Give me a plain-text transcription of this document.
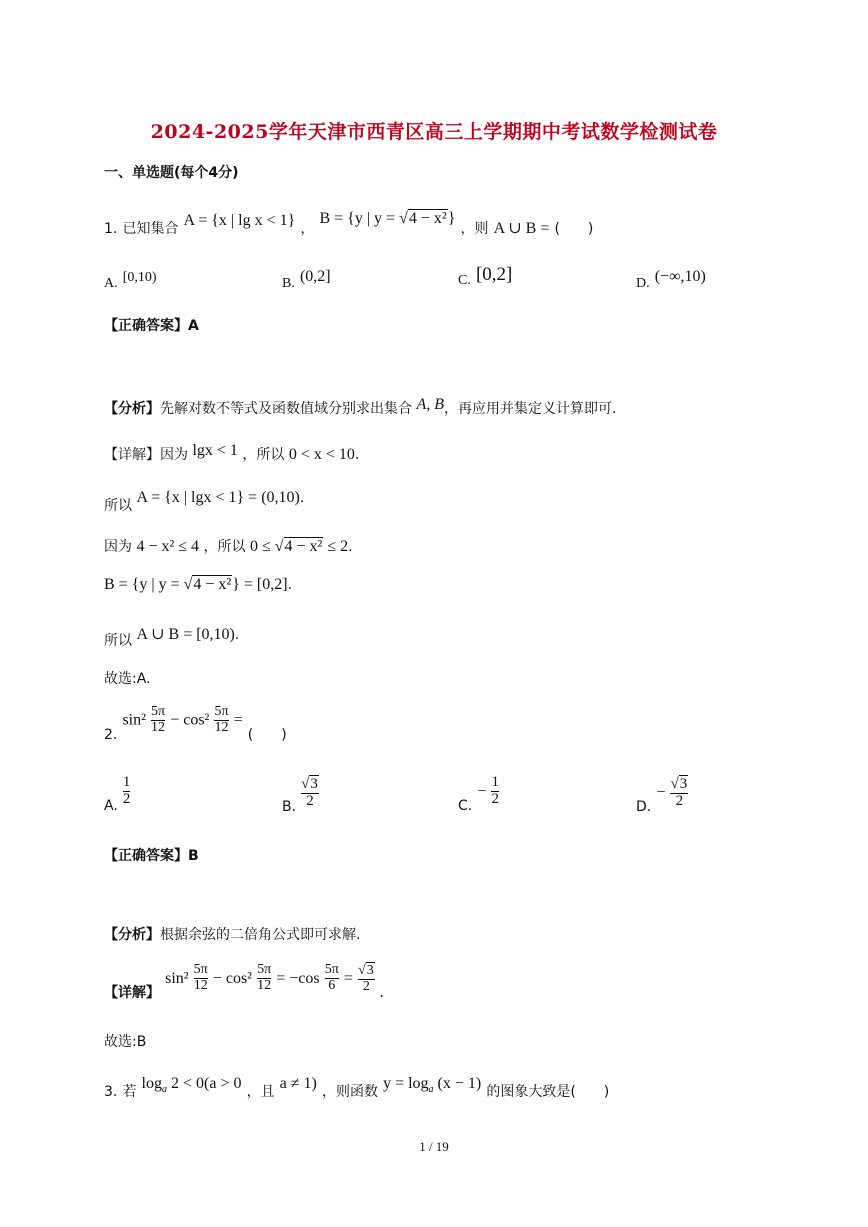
2024-2025学年天津市西青区高三上学期期中考试数学检测试卷
一、单选题(每个4分)
1. 已知集合 A = {x | lg x < 1} ， B = {y | y = √4 − x²} ，则 A ∪ B = (　　)
A. [0,10)	B. (0,2]	C. [0,2]	D. (−∞,10)
【正确答案】A
【分析】先解对数不等式及函数值域分别求出集合 A, B，再应用并集定义计算即可.
【详解】因为 lgx < 1 ，所以 0 < x < 10.
所以 A = {x | lgx < 1} = (0,10).
因为 4 − x² ≤ 4 ，所以 0 ≤ √4 − x² ≤ 2.
B = {y | y = √4 − x²} = [0,2].
所以 A ∪ B = [0,10).
故选:A.
2. $\sin^2 \frac{5\pi}{12} - \cos^2 \frac{5\pi}{12}$ = (　　)
A. $\frac{1}{2}$	B. $\frac{√3}{2}$	C. − $\frac{1}{2}$	D. − $\frac{√3}{2}$
【正确答案】B
【分析】根据余弦的二倍角公式即可求解.
【详解】 $\sin^2 \frac{5\pi}{12} - \cos^2 \frac{5\pi}{12} = -\cos \frac{5\pi}{6} = \frac{√3}{2}$ .
故选:B
3. 若 $\log_a 2 < 0(a > 0$ ，且 a ≠ 1) ，则函数 $y = \log_a (x - 1)$ 的图象大致是(　　)
1 / 19
